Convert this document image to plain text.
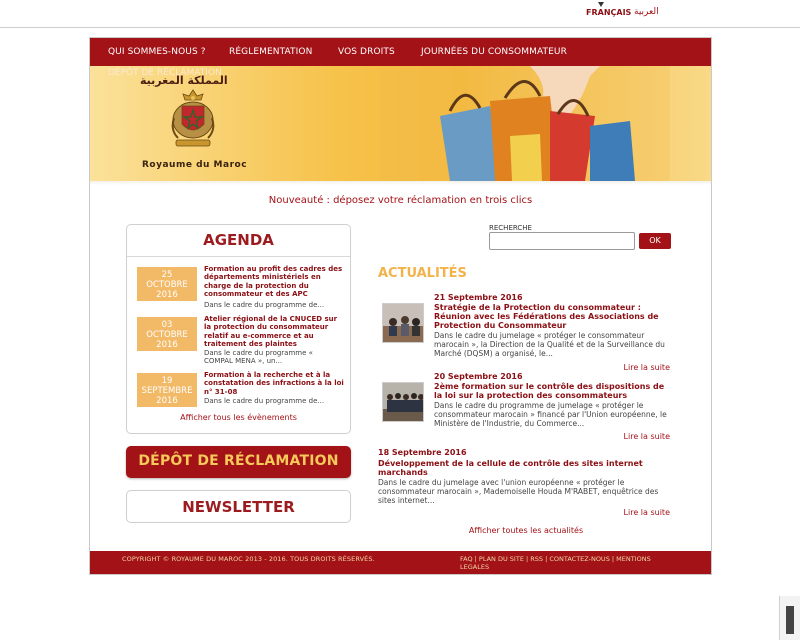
FRANÇAIS العربية
QUI SOMMES-NOUS ?	RÉGLEMENTATION	VOS DROITS	JOURNÉES DU CONSOMMATEUR
DÉPÔT DE RÉCLAMATION
المملكة المغربية
Royaume du Maroc
Nouveauté : déposez votre réclamation en trois clics
AGENDA
25
OCTOBRE
2016
Formation au profit des cadres des départements ministériels en charge de la protection du consommateur et des APC
Dans le cadre du programme de...
03
OCTOBRE
2016
Atelier régional de la CNUCED sur la protection du consommateur relatif au e-commerce et au traitement des plaintes
Dans le cadre du programme « COMPAL MENA », un...
19
SEPTEMBRE
2016
Formation à la recherche et à la constatation des infractions à la loi n° 31-08
Dans le cadre du programme de...
Afficher tous les évènements
DÉPÔT DE RÉCLAMATION
NEWSLETTER
RECHERCHE
OK
ACTUALITÉS
21 Septembre 2016
Stratégie de la Protection du consommateur : Réunion avec les Fédérations des Associations de Protection du Consommateur
Dans le cadre du jumelage « protéger le consommateur marocain », la Direction de la Qualité et de la Surveillance du Marché (DQSM) a organisé, le...
Lire la suite
20 Septembre 2016
2ème formation sur le contrôle des dispositions de la loi sur la protection des consommateurs
Dans le cadre du programme de jumelage « protéger le consommateur marocain » financé par l'Union européenne, le Ministère de l'Industrie, du Commerce...
Lire la suite
18 Septembre 2016
Développement de la cellule de contrôle des sites internet marchands
Dans le cadre du jumelage avec l'union européenne « protéger le consommateur marocain », Mademoiselle Houda M'RABET, enquêtrice des sites internet...
Lire la suite
Afficher toutes les actualités
COPYRIGHT © ROYAUME DU MAROC 2013 - 2016. TOUS DROITS RÉSERVÉS.	FAQ | PLAN DU SITE | RSS | CONTACTEZ-NOUS | MENTIONS LEGALES
